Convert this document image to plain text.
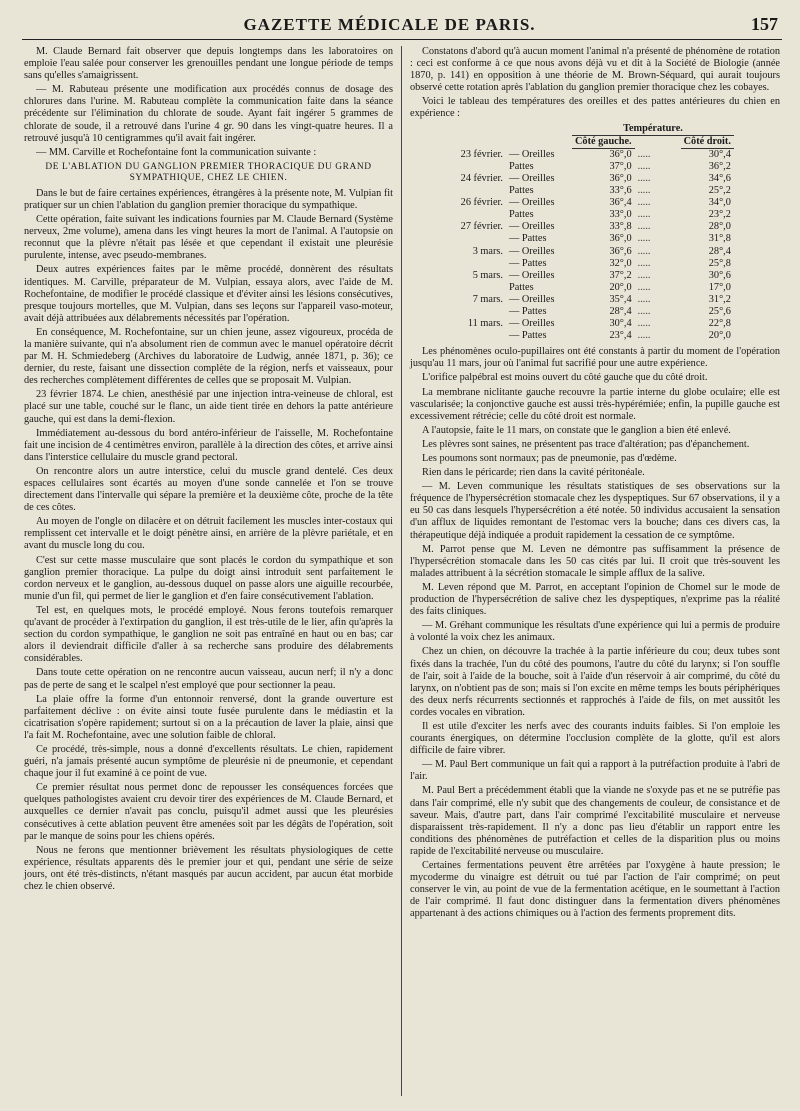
GAZETTE MÉDICALE DE PARIS.	157

M. Claude Bernard fait observer que depuis longtemps dans les laboratoires on emploie l'eau salée pour conserver les grenouilles pendant une longue période de temps sans qu'elles s'amaigrissent.

— M. Rabuteau présente une modification aux procédés connus de dosage des chlorures dans l'urine. M. Rabuteau complète la communication faite dans la séance précédente sur l'élimination du chlorate de soude. Ayant fait ingérer 5 grammes de chlorate de soude, il a retrouvé dans l'urine 4 gr. 90 dans les vingt-quatre heures. Il a retrouvé jusqu'à 10 centigrammes qu'il avait fait ingérer.

— MM. Carville et Rochefontaine font la communication suivante :

DE L'ABLATION DU GANGLION PREMIER THORACIQUE DU GRAND SYMPATHIQUE, CHEZ LE CHIEN.

Dans le but de faire certaines expériences, étrangères à la présente note, M. Vulpian fit pratiquer sur un chien l'ablation du ganglion premier thoracique du sympathique.

Cette opération, faite suivant les indications fournies par M. Claude Bernard (Système nerveux, 2me volume), amena dans les vingt heures la mort de l'animal. A l'autopsie on reconnut que la plèvre n'était pas lésée et que cependant il existait une pleurésie purulente, intense, avec pseudo-membranes.

Deux autres expériences faites par le même procédé, donnèrent des résultats identiques. M. Carville, préparateur de M. Vulpian, essaya alors, avec l'aide de M. Rochefontaine, de modifier le procédé classique et d'éviter ainsi les lésions consécutives, presque toujours mortelles, que M. Vulpian, dans ses leçons sur l'appareil vaso-moteur, avait déjà attribuées aux délabrements nécessités par l'opération.

En conséquence, M. Rochefontaine, sur un chien jeune, assez vigoureux, procéda de la manière suivante, qui n'a absolument rien de commun avec le manuel opératoire décrit par M. H. Schmiedeberg (Archives du laboratoire de Ludwig, année 1871, p. 36); ce dernier, du reste, faisant une dissection complète de la région, nerfs et vaisseaux, pour des recherches complètement différentes de celles que se proposait M. Vulpian.

23 février 1874. Le chien, anesthésié par une injection intra-veineuse de chloral, est placé sur une table, couché sur le flanc, un aide tient tirée en dehors la patte antérieure gauche, qui est dans la demi-flexion.

Immédiatement au-dessous du bord antéro-inférieur de l'aisselle, M. Rochefontaine fait une incision de 4 centimètres environ, parallèle à la direction des côtes, et arrive ainsi dans l'interstice cellulaire du muscle grand pectoral.

On rencontre alors un autre interstice, celui du muscle grand dentelé. Ces deux espaces cellulaires sont écartés au moyen d'une sonde cannelée et l'on se trouve directement dans l'intervalle qui sépare la première et la deuxième côte, proche de la tête de ces côtes.

Au moyen de l'ongle on dilacère et on détruit facilement les muscles inter-costaux qui remplissent cet intervalle et le doigt pénètre ainsi, en arrière de la plèvre pariétale, et en avant du muscle long du cou.

C'est sur cette masse musculaire que sont placés le cordon du sympathique et son ganglion premier thoracique. La pulpe du doigt ainsi introduit sent parfaitement le cordon nerveux et le ganglion, au-dessous duquel on passe alors une aiguille recourbée, munie d'un fil, qui permet de lier le ganglion et d'en faire consécutivement l'ablation.

Tel est, en quelques mots, le procédé employé. Nous ferons toutefois remarquer qu'avant de procéder à l'extirpation du ganglion, il est très-utile de le lier, afin qu'après la section du cordon sympathique, le ganglion ne soit pas entraîné en haut ou en bas; car alors il deviendrait difficile d'aller à sa recherche sans produire des délabrements considérables.

Dans toute cette opération on ne rencontre aucun vaisseau, aucun nerf; il n'y a donc pas de perte de sang et le scalpel n'est employé que pour sectionner la peau.

La plaie offre la forme d'un entonnoir renversé, dont la grande ouverture est parfaitement déclive : on évite ainsi toute fusée purulente dans le médiastin et la cicatrisation s'opère rapidement; surtout si on a la précaution de laver la plaie, ainsi que l'a fait M. Rochefontaine, avec une solution faible de chloral.

Ce procédé, très-simple, nous a donné d'excellents résultats. Le chien, rapidement guéri, n'a jamais présenté aucun symptôme de pleurésie ni de pneumonie, et cependant chaque jour il fut examiné à ce point de vue.

Ce premier résultat nous permet donc de repousser les conséquences forcées que quelques pathologistes avaient cru devoir tirer des expériences de M. Claude Bernard, et auxquelles ce dernier n'avait pas conclu, puisqu'il admet aussi que les pleurésies consécutives à cette ablation peuvent être amenées soit par les dégâts de l'opération, soit par le manque de soins pour les chiens opérés.

Nous ne ferons que mentionner brièvement les résultats physiologiques de cette expérience, résultats apparents dès le premier jour et qui, pendant une série de seize jours, ont été très-distincts, n'étant masqués par aucun accident, par aucun état morbide chez le chien observé.

Constatons d'abord qu'à aucun moment l'animal n'a présenté de phénomène de rotation : ceci est conforme à ce que nous avons déjà vu et dit à la Société de Biologie (année 1870, p. 141) en opposition à une théorie de M. Brown-Séquard, qui aurait toujours observé cette rotation après l'ablation du ganglion premier thoracique chez les cobayes.

Voici le tableau des températures des oreilles et des pattes antérieures du chien en expérience :

		Température.		
		Côté gauche.		Côté droit.
23 février.	— Oreilles	36°,0	.....	30°,4
	Pattes	37°,0	.....	36°,2
24 février.	— Oreilles	36°,0	.....	34°,6
	Pattes	33°,6	.....	25°,2
26 février.	— Oreilles	36°,4	.....	34°,0
	Pattes	33°,0	.....	23°,2
27 février.	— Oreilles	33°,8	.....	28°,0
	— Pattes	36°,0	.....	31°,8
3 mars.	— Oreilles	36°,6	.....	28°,4
	— Pattes	32°,0	.....	25°,8
5 mars.	— Oreilles	37°,2	.....	30°,6
	Pattes	20°,0	.....	17°,0
7 mars.	— Oreilles	35°,4	.....	31°,2
	— Pattes	28°,4	.....	25°,6
11 mars.	— Oreilles	30°,4	.....	22°,8
	— Pattes	23°,4	.....	20°,0

Les phénomènes oculo-pupillaires ont été constants à partir du moment de l'opération jusqu'au 11 mars, jour où l'animal fut sacrifié pour une autre expérience.

L'orifice palpébral est moins ouvert du côté gauche que du côté droit.

La membrane niclitante gauche recouvre la partie interne du globe oculaire; elle est vascularisée; la conjonctive gauche est aussi très-hypérémiée; enfin, la pupille gauche est excessivement rétrécie; celle du côté droit est normale.

A l'autopsie, faite le 11 mars, on constate que le ganglion a bien été enlevé.

Les plèvres sont saines, ne présentent pas trace d'altération; pas d'épanchement.

Les poumons sont normaux; pas de pneumonie, pas d'œdème.

Rien dans le péricarde; rien dans la cavité péritonéale.

— M. Leven communique les résultats statistiques de ses observations sur la fréquence de l'hypersécrétion stomacale chez les dyspeptiques. Sur 67 observations, il y a eu 50 cas dans lesquels l'hypersécrétion a été notée. 50 individus accusaient la sensation d'un afflux de liquides remontant de l'estomac vers la bouche; dans ces divers cas, la thérapeutique déjà indiquée a produit rapidement la cessation de ce symptôme.

M. Parrot pense que M. Leven ne démontre pas suffisamment la présence de l'hypersécrétion stomacale dans les 50 cas cités par lui. Il croit que très-souvent les malades attribuent à la sécrétion stomacale le simple afflux de la salive.

M. Leven répond que M. Parrot, en acceptant l'opinion de Chomel sur le mode de production de l'hypersécrétion de salive chez les dyspeptiques, n'exprime pas la réalité des faits cliniques.

— M. Gréhant communique les résultats d'une expérience qui lui a permis de produire à volonté la voix chez les animaux.

Chez un chien, on découvre la trachée à la partie inférieure du cou; deux tubes sont fixés dans la trachée, l'un du côté des poumons, l'autre du côté du larynx; si l'on souffle de l'air, soit à l'aide de la bouche, soit à l'aide d'un réservoir à air comprimé, du côté du larynx, on n'obtient pas de son; mais si l'on excite en même temps les bouts périphériques des deux nerfs récurrents sectionnés et rapprochés à l'aide de fils, on met aussitôt les cordes vocales en vibration.

Il est utile d'exciter les nerfs avec des courants induits faibles. Si l'on emploie les courants énergiques, on détermine l'occlusion complète de la glotte, qu'il est alors difficile de faire vibrer.

— M. Paul Bert communique un fait qui a rapport à la putréfaction produite à l'abri de l'air.

M. Paul Bert a précédemment établi que la viande ne s'oxyde pas et ne se putréfie pas dans l'air comprimé, elle n'y subit que des changements de couleur, de consistance et de saveur. Mais, d'autre part, dans l'air comprimé l'excitabilité musculaire et nerveuse disparaissent très-rapidement. Il n'y a donc pas lieu d'établir un rapport entre les conditions des phénomènes de putréfaction et celles de la disparition plus ou moins rapide de l'excitabilité nerveuse ou musculaire.

Certaines fermentations peuvent être arrêtées par l'oxygène à haute pression; le mycoderme du vinaigre est détruit ou tué par l'action de l'air comprimé; on peut conserver le vin, au point de vue de la fermentation acétique, en le soumettant à l'action de l'air comprimé. Il faut donc distinguer dans la fermentation divers phénomènes appartenant à des actions chimiques ou à l'action des ferments proprement dits.
